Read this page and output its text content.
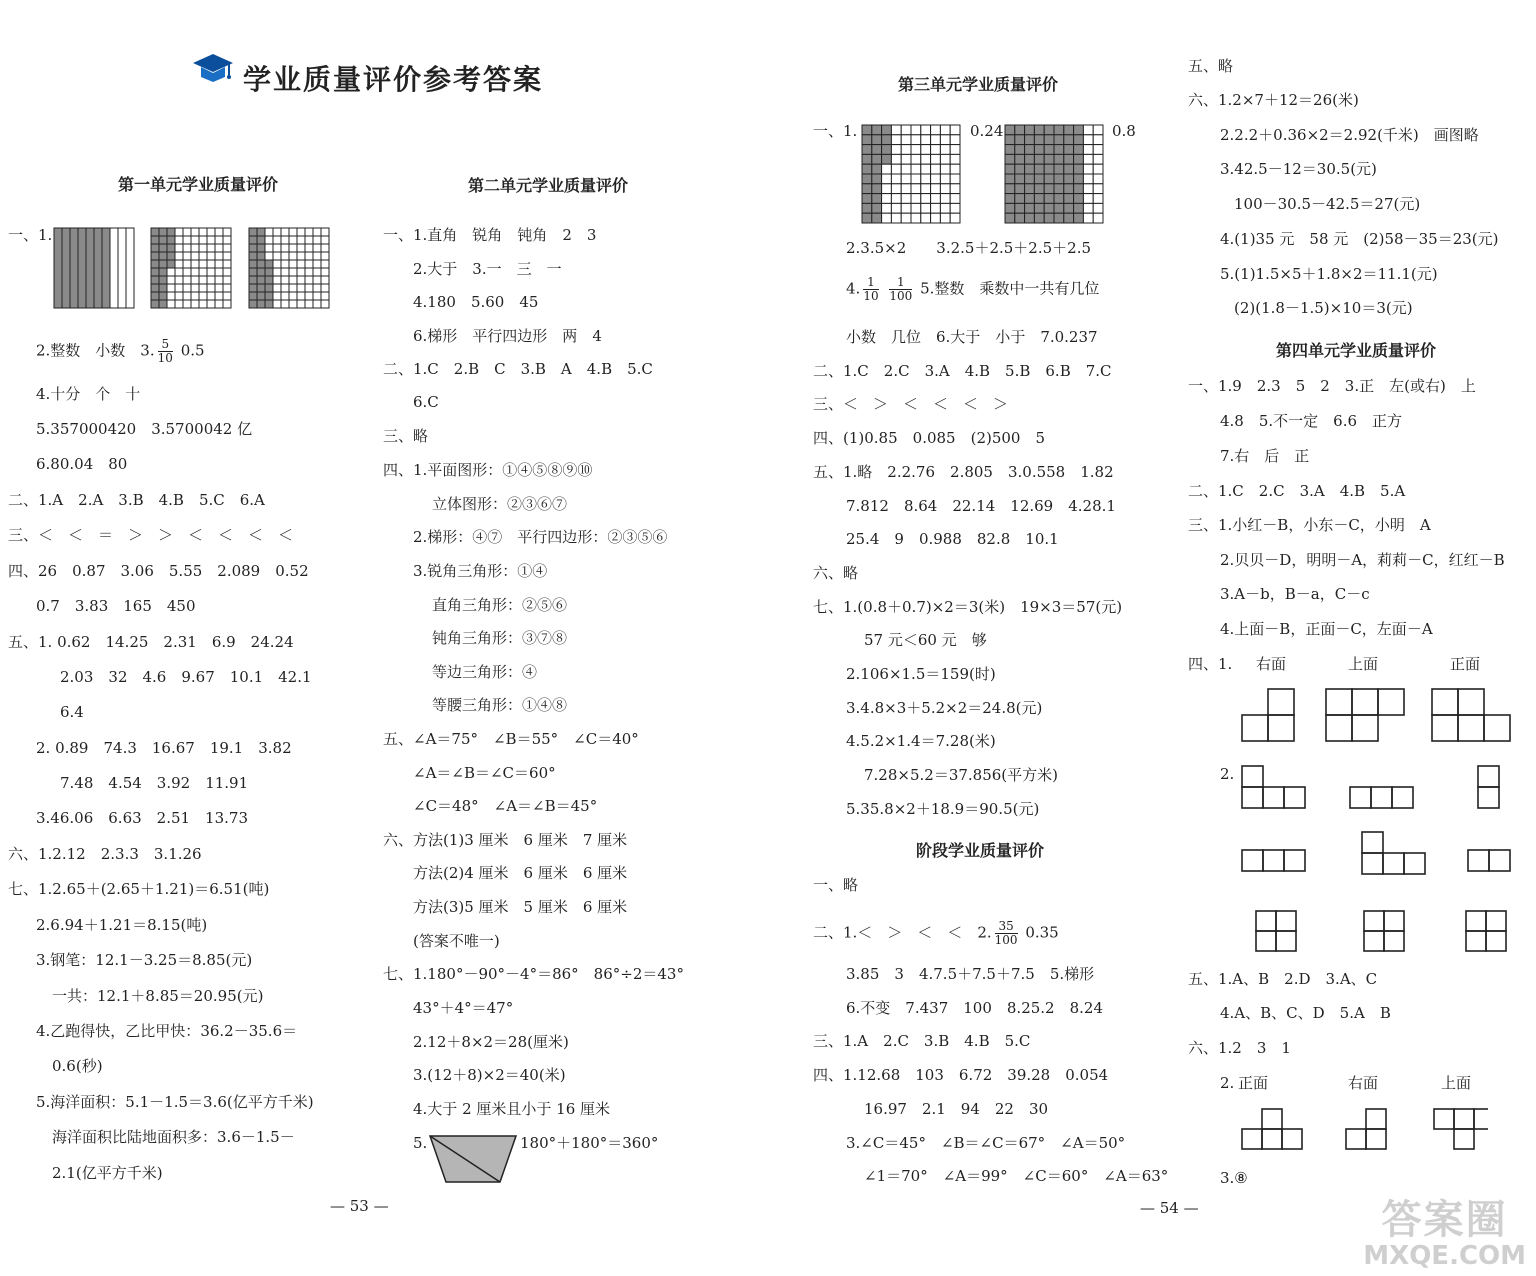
学业质量评价参考答案
第一单元学业质量评价
一、1.
2.整数　小数　3. $\frac{5}{10} 0.5$
4.十分　个　十
5.357000420　3.5700042 亿
6.80.04　80
二、1.A　2.A　3.B　4.B　5.C　6.A
三、＜　＜　＝　＞　＞　＜　＜　＜　＜
四、26　0.87　3.06　5.55　2.089　0.52
0.7　3.83　165　450
五、1. 0.62　14.25　2.31　6.9　24.24
2.03　32　4.6　9.67　10.1　42.1
6.4
2. 0.89　74.3　16.67　19.1　3.82
7.48　4.54　3.92　11.91
3.46.06　6.63　2.51　13.73
六、1.2.12　2.3.3　3.1.26
七、1.2.65＋(2.65＋1.21)＝6.51(吨)
2.6.94＋1.21＝8.15(吨)
3.钢笔：12.1－3.25＝8.85(元)
一共：12.1＋8.85＝20.95(元)
4.乙跑得快，乙比甲快：36.2－35.6＝
0.6(秒)
5.海洋面积：5.1－1.5＝3.6(亿平方千米)
海洋面积比陆地面积多：3.6－1.5－
2.1(亿平方千米)
第二单元学业质量评价
一、1.直角　锐角　钝角　2　3
2.大于　3.一　三　一
4.180　5.60　45
6.梯形　平行四边形　两　4
二、1.C　2.B　C　3.B　A　4.B　5.C
6.C
三、略
四、1.平面图形：①④⑤⑧⑨⑩
立体图形：②③⑥⑦
2.梯形：④⑦　平行四边形：②③⑤⑥
3.锐角三角形：①④
直角三角形：②⑤⑥
钝角三角形：③⑦⑧
等边三角形：④
等腰三角形：①④⑧
五、∠A＝75°　∠B＝55°　∠C＝40°
∠A＝∠B＝∠C＝60°
∠C＝48°　∠A＝∠B＝45°
六、方法(1)3 厘米　6 厘米　7 厘米
方法(2)4 厘米　6 厘米　6 厘米
方法(3)5 厘米　5 厘米　6 厘米
(答案不唯一)
七、1.180°－90°－4°＝86°　86°÷2＝43°
43°＋4°＝47°
2.12＋8×2＝28(厘米)
3.(12＋8)×2＝40(米)
4.大于 2 厘米且小于 16 厘米
5.	180°＋180°＝360°
— 53 —
第三单元学业质量评价
一、1.	0.24	0.8
2.3.5×2　　3.2.5＋2.5＋2.5＋2.5
4. $\frac{1}{10}$
$\frac{1}{100} 5$.整数　乘数中一共有几位
小数　几位　6.大于　小于　7.0.237
二、1.C　2.C　3.A　4.B　5.B　6.B　7.C
三、＜　＞　＜　＜　＜　＞
四、(1)0.85　0.085　(2)500　5
五、1.略　2.2.76　2.805　3.0.558　1.82
7.812　8.64　22.14　12.69　4.28.1
25.4　9　0.988　82.8　10.1
六、略
七、1.(0.8＋0.7)×2＝3(米)　19×3＝57(元)
57 元＜60 元　够
2.106×1.5＝159(时)
3.4.8×3＋5.2×2＝24.8(元)
4.5.2×1.4＝7.28(米)
7.28×5.2＝37.856(平方米)
5.35.8×2＋18.9＝90.5(元)
阶段学业质量评价
一、略
二、1.＜　＞　＜　＜　2. $\frac{35}{100} 0.35$
3.85　3　4.7.5＋7.5＋7.5　5.梯形
6.不变　7.437　100　8.25.2　8.24
三、1.A　2.C　3.B　4.B　5.C
四、1.12.68　103　6.72　39.28　0.054
16.97　2.1　94　22　30
3.∠C＝45°　∠B＝∠C＝67°　∠A＝50°
∠1＝70°　∠A＝99°　∠C＝60°　∠A＝63°
五、略
六、1.2×7＋12＝26(米)
2.2.2＋0.36×2＝2.92(千米)　画图略
3.42.5－12＝30.5(元)
100－30.5－42.5＝27(元)
4.(1)35 元　58 元　(2)58－35＝23(元)
5.(1)1.5×5＋1.8×2＝11.1(元)
(2)(1.8－1.5)×10＝3(元)
第四单元学业质量评价
一、1.9　2.3　5　2　3.正　左(或右)　上
4.8　5.不一定　6.6　正方
7.右　后　正
二、1.C　2.C　3.A　4.B　5.A
三、1.小红－B，小东－C，小明　A
2.贝贝－D，明明－A，莉莉－C，红红－B
3.A－b，B－a，C－c
4.上面－B，正面－C，左面－A
四、1. 右面	上面	正面
2.
五、1.A、B　2.D　3.A、C
4.A、B、C、D　5.A　B
六、1.2　3　1
2. 正面	右面	上面
3.⑧
— 54 —	答案圈
MXQE.COM
